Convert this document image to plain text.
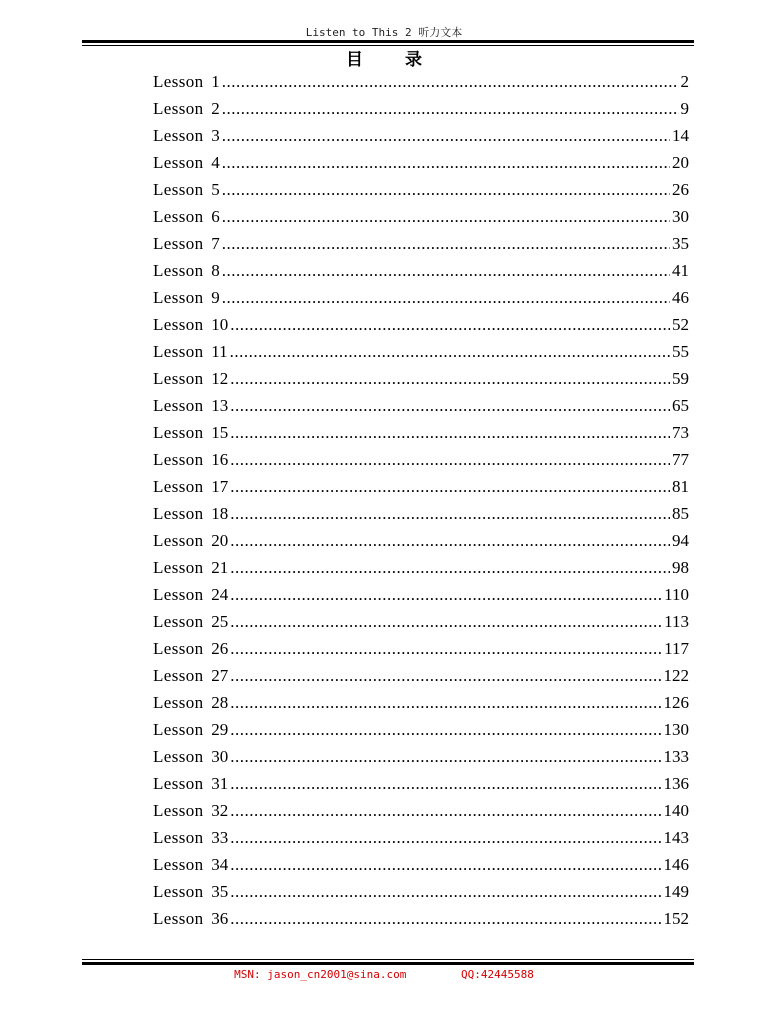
Listen to This 2 听力文本
目 录
Lesson 1 .....	2
Lesson 2 .....	9
Lesson 3 .....	14
Lesson 4 .....	20
Lesson 5 .....	26
Lesson 6 .....	30
Lesson 7 .....	35
Lesson 8 .....	41
Lesson 9 .....	46
Lesson 10 .....	52
Lesson 11 .....	55
Lesson 12 .....	59
Lesson 13 .....	65
Lesson 15 .....	73
Lesson 16 .....	77
Lesson 17 .....	81
Lesson 18 .....	85
Lesson 20 .....	94
Lesson 21 .....	98
Lesson 24 .....	110
Lesson 25 .....	113
Lesson 26 .....	117
Lesson 27 .....	122
Lesson 28 .....	126
Lesson 29 .....	130
Lesson 30 .....	133
Lesson 31 .....	136
Lesson 32 .....	140
Lesson 33 .....	143
Lesson 34 .....	146
Lesson 35 .....	149
Lesson 36 .....	152
MSN: jason_cn2001@sina.com	QQ:42445588
